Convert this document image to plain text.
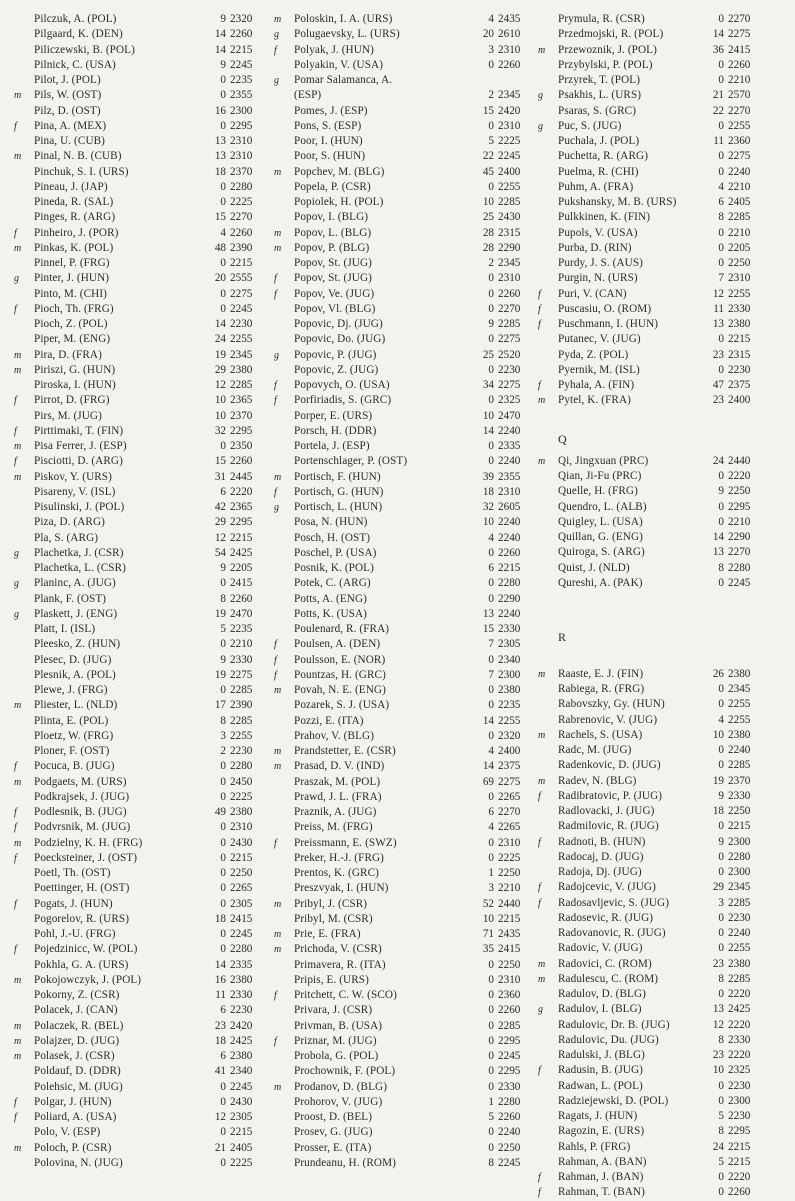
Pilczuk, A. (POL)	9 2320
Pilgaard, K. (DEN)	14 2260
Piliczewski, B. (POL)	14 2215
Pilnick, C. (USA)	9 2245
Pilot, J. (POL)	0 2235
m Pils, W. (OST)	0 2355
Pilz, D. (OST)	16 2300
f	Pina, A. (MEX)	0 2295
Pina, U. (CUB)	13 2310
m Pinal, N. B. (CUB)	13 2310
Pinchuk, S. I. (URS)	18 2370
Pineau, J. (JAP)	0 2280
Pineda, R. (SAL)	0 2225
Pinges, R. (ARG)	15 2270
f	Pinheiro, J. (POR)	4 2260
m Pinkas, K. (POL)	48 2390
Pinnel, P. (FRG)	0 2215
g	Pinter, J. (HUN)	20 2555
Pinto, M. (CHI)	0 2275
f	Pioch, Th. (FRG)	0 2245
Pioch, Z. (POL)	14 2230
Piper, M. (ENG)	24 2255
m Pira, D. (FRA)	19 2345
m Piriszi, G. (HUN)	29 2380
Piroska, I. (HUN)	12 2285
f	Pirrot, D. (FRG)	10 2365
Pirs, M. (JUG)	10 2370
f	Pirttimaki, T. (FIN)	32 2295
m Pisa Ferrer, J. (ESP)	0 2350
f	Pisciotti, D. (ARG)	15 2260
m Piskov, Y. (URS)	31 2445
Pisareny, V. (ISL)	6 2220
Pisulinski, J. (POL)	42 2365
Piza, D. (ARG)	29 2295
Pla, S. (ARG)	12 2215
g	Plachetka, J. (CSR)	54 2425
Plachetka, L. (CSR)	9 2205
g	Planinc, A. (JUG)	0 2415
Plank, F. (OST)	8 2260
g	Plaskett, J. (ENG)	19 2470
Platt, I. (ISL)	5 2235
Pleesko, Z. (HUN)	0 2210
Plesec, D. (JUG)	9 2330
Plesnik, A. (POL)	19 2275
Plewe, J. (FRG)	0 2285
m Pliester, L. (NLD)	17 2390
Plinta, E. (POL)	8 2285
Ploetz, W. (FRG)	3 2255
Ploner, F. (OST)	2 2230
f	Pocuca, B. (JUG)	0 2280
m Podgaets, M. (URS)	0 2450
Podkrajsek, J. (JUG)	0 2225
f	Podlesnik, B. (JUG)	49 2380
f	Podvrsnik, M. (JUG)	0 2310
m Podzielny, K. H. (FRG)	0 2430
f	Poecksteiner, J. (OST)	0 2215
Poetl, Th. (OST)	0 2250
Poettinger, H. (OST)	0 2265
f	Pogats, J. (HUN)	0 2305
Pogorelov, R. (URS)	18 2415
Pohl, J.-U. (FRG)	0 2245
f	Pojedzinicc, W. (POL)	0 2280
Pokhla, G. A. (URS)	14 2335
m Pokojowczyk, J. (POL)	16 2380
Pokorny, Z. (CSR)	11 2330
Polacek, J. (CAN)	6 2230
m Polaczek, R. (BEL)	23 2420
m Polajzer, D. (JUG)	18 2425
m Polasek, J. (CSR)	6 2380
Poldauf, D. (DDR)	41 2340
Polehsic, M. (JUG)	0 2245
f	Polgar, J. (HUN)	0 2430
f	Poliard, A. (USA)	12 2305
Polo, V. (ESP)	0 2215
m Poloch, P. (CSR)	21 2405
Polovina, N. (JUG)	0 2225
m Poloskin, I. A. (URS)	4 2435
g	Polugaevsky, L. (URS)	20 2610
f	Polyak, J. (HUN)	3 2310
Polyakin, V. (USA)	0 2260
g	Pomar Salamanca, A.
(ESP)	2 2345
Pomes, J. (ESP)	15 2420
Pons, S. (ESP)	0 2310
Poor, I. (HUN)	5 2225
Poor, S. (HUN)	22 2245
m Popchev, M. (BLG)	45 2400
Popela, P. (CSR)	0 2255
Popiolek, H. (POL)	10 2285
Popov, I. (BLG)	25 2430
m Popov, L. (BLG)	28 2315
m Popov, P. (BLG)	28 2290
Popov, St. (JUG)	2 2345
f	Popov, St. (JUG)	0 2310
f	Popov, Ve. (JUG)	0 2260
Popov, Vl. (BLG)	0 2270
Popovic, Dj. (JUG)	9 2285
Popovic, Do. (JUG)	0 2275
g	Popovic, P. (JUG)	25 2520
Popovic, Z. (JUG)	0 2230
f	Popovych, O. (USA)	34 2275
f	Porfiriadis, S. (GRC)	0 2325
Porper, E. (URS)	10 2470
Porsch, H. (DDR)	14 2240
Portela, J. (ESP)	0 2335
Portenschlager, P. (OST)	0 2240
m Portisch, F. (HUN)	39 2355
f	Portisch, G. (HUN)	18 2310
g	Portisch, L. (HUN)	32 2605
Posa, N. (HUN)	10 2240
Posch, H. (OST)	4 2240
Poschel, P. (USA)	0 2260
Posnik, K. (POL)	6 2215
Potek, C. (ARG)	0 2280
Potts, A. (ENG)	0 2290
Potts, K. (USA)	13 2240
Poulenard, R. (FRA)	15 2330
f	Poulsen, A. (DEN)	7 2305
f	Poulsson, E. (NOR)	0 2340
f	Pountzas, H. (GRC)	7 2300
m Povah, N. E. (ENG)	0 2380
Pozarek, S. J. (USA)	0 2235
Pozzi, E. (ITA)	14 2255
Prahov, V. (BLG)	0 2320
m Prandstetter, E. (CSR)	4 2400
m Prasad, D. V. (IND)	14 2375
Praszak, M. (POL)	69 2275
Prawd, J. L. (FRA)	0 2265
Praznik, A. (JUG)	6 2270
Preiss, M. (FRG)	4 2265
f	Preissmann, E. (SWZ)	0 2310
Preker, H.-J. (FRG)	0 2225
Prentos, K. (GRC)	1 2250
Preszvyak, I. (HUN)	3 2210
m Pribyl, J. (CSR)	52 2440
Pribyl, M. (CSR)	10 2215
m Prie, E. (FRA)	71 2435
m Prichoda, V. (CSR)	35 2415
Primavera, R. (ITA)	0 2250
Pripis, E. (URS)	0 2310
f	Pritchett, C. W. (SCO)	0 2360
Privara, J. (CSR)	0 2260
Privman, B. (USA)	0 2285
f	Priznar, M. (JUG)	0 2295
Probola, G. (POL)	0 2245
Prochownik, F. (POL)	0 2295
m Prodanov, D. (BLG)	0 2330
Prohorov, V. (JUG)	1 2280
Proost, D. (BEL)	5 2260
Prosev, G. (JUG)	0 2240
Prosser, E. (ITA)	0 2250
Prundeanu, H. (ROM)	8 2245
Prymula, R. (CSR)	0 2270
Przedmojski, R. (POL)	14 2275
m Przewoznik, J. (POL)	36 2415
Przybylski, P. (POL)	0 2260
Przyrek, T. (POL)	0 2210
g	Psakhis, L. (URS)	21 2570
Psaras, S. (GRC)	22 2270
g	Puc, S. (JUG)	0 2255
Puchala, J. (POL)	11 2360
Puchetta, R. (ARG)	0 2275
Puelma, R. (CHI)	0 2240
Puhm, A. (FRA)	4 2210
Pukshansky, M. B. (URS)	6 2405
Pulkkinen, K. (FIN)	8 2285
Pupols, V. (USA)	0 2210
Purba, D. (RIN)	0 2205
Purdy, J. S. (AUS)	0 2250
Purgin, N. (URS)	7 2310
f	Puri, V. (CAN)	12 2255
f	Puscasiu, O. (ROM)	11 2330
f	Puschmann, I. (HUN)	13 2380
Putanec, V. (JUG)	0 2215
Pyda, Z. (POL)	23 2315
Pyernik, M. (ISL)	0 2230
f	Pyhala, A. (FIN)	47 2375
m Pytel, K. (FRA)	23 2400
Q
m Qi, Jingxuan (PRC)	24 2440
Qian, Ji-Fu (PRC)	0 2220
Quelle, H. (FRG)	9 2250
Quendro, L. (ALB)	0 2295
Quigley, L. (USA)	0 2210
Quillan, G. (ENG)	14 2290
Quiroga, S. (ARG)	13 2270
Quist, J. (NLD)	8 2280
Qureshi, A. (PAK)	0 2245
R
m Raaste, E. J. (FIN)	26 2380
Rabiega, R. (FRG)	0 2345
Rabovszky, Gy. (HUN)	0 2255
Rabrenovic, V. (JUG)	4 2255
m Rachels, S. (USA)	10 2380
Radc, M. (JUG)	0 2240
Radenkovic, D. (JUG)	0 2285
m Radev, N. (BLG)	19 2370
f	Radibratovic, P. (JUG)	9 2330
Radlovacki, J. (JUG)	18 2250
Radmilovic, R. (JUG)	0 2215
f	Radnoti, B. (HUN)	9 2300
Radocaj, D. (JUG)	0 2280
Radoja, Dj. (JUG)	0 2300
f	Radojcevic, V. (JUG)	29 2345
f	Radosavljevic, S. (JUG)	3 2285
Radosevic, R. (JUG)	0 2230
Radovanovic, R. (JUG)	0 2240
Radovic, V. (JUG)	0 2255
m Radovici, C. (ROM)	23 2380
m Radulescu, C. (ROM)	8 2285
Radulov, D. (BLG)	0 2220
g	Radulov, I. (BLG)	13 2425
Radulovic, Dr. B. (JUG)	12 2220
Radulovic, Du. (JUG)	8 2330
Radulski, J. (BLG)	23 2220
f	Radusin, B. (JUG)	10 2325
Radwan, L. (POL)	0 2230
Radziejewski, D. (POL)	0 2300
Ragats, J. (HUN)	5 2230
Ragozin, E. (URS)	8 2295
Rahls, P. (FRG)	24 2215
Rahman, A. (BAN)	5 2215
f	Rahman, J. (BAN)	0 2220
f	Rahman, T. (BAN)	0 2260
